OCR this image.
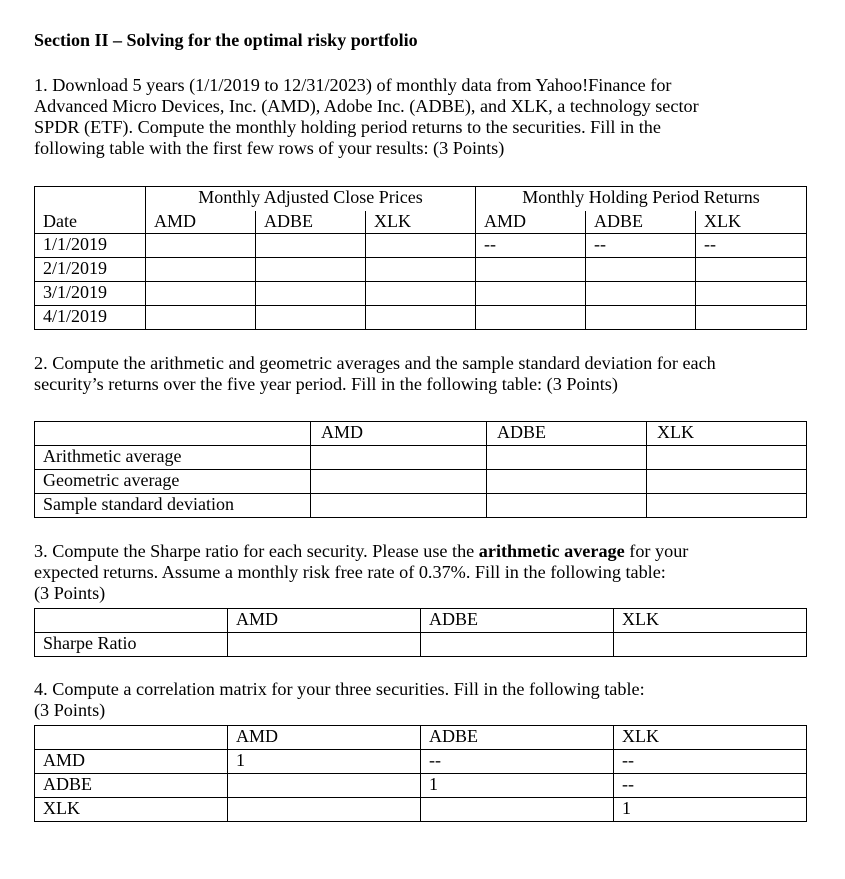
Section II – Solving for the optimal risky portfolio
1. Download 5 years (1/1/2019 to 12/31/2023) of monthly data from Yahoo!Finance for
Advanced Micro Devices, Inc. (AMD), Adobe Inc. (ADBE), and XLK, a technology sector
SPDR (ETF). Compute the monthly holding period returns to the securities. Fill in the
following table with the first few rows of your results: (3 Points)
	Monthly Adjusted Close Prices			Monthly Holding Period Returns		
Date	AMD	ADBE	XLK	AMD	ADBE	XLK
1/1/2019				--	--	--
2/1/2019						
3/1/2019						
4/1/2019						
2. Compute the arithmetic and geometric averages and the sample standard deviation for each
security’s returns over the five year period. Fill in the following table: (3 Points)
	AMD	ADBE	XLK
Arithmetic average			
Geometric average			
Sample standard deviation			
3. Compute the Sharpe ratio for each security. Please use the arithmetic average for your
expected returns. Assume a monthly risk free rate of 0.37%. Fill in the following table:
(3 Points)
	AMD	ADBE	XLK
Sharpe Ratio			
4. Compute a correlation matrix for your three securities. Fill in the following table:
(3 Points)
	AMD	ADBE	XLK
AMD	1	--	--
ADBE		1	--
XLK			1
